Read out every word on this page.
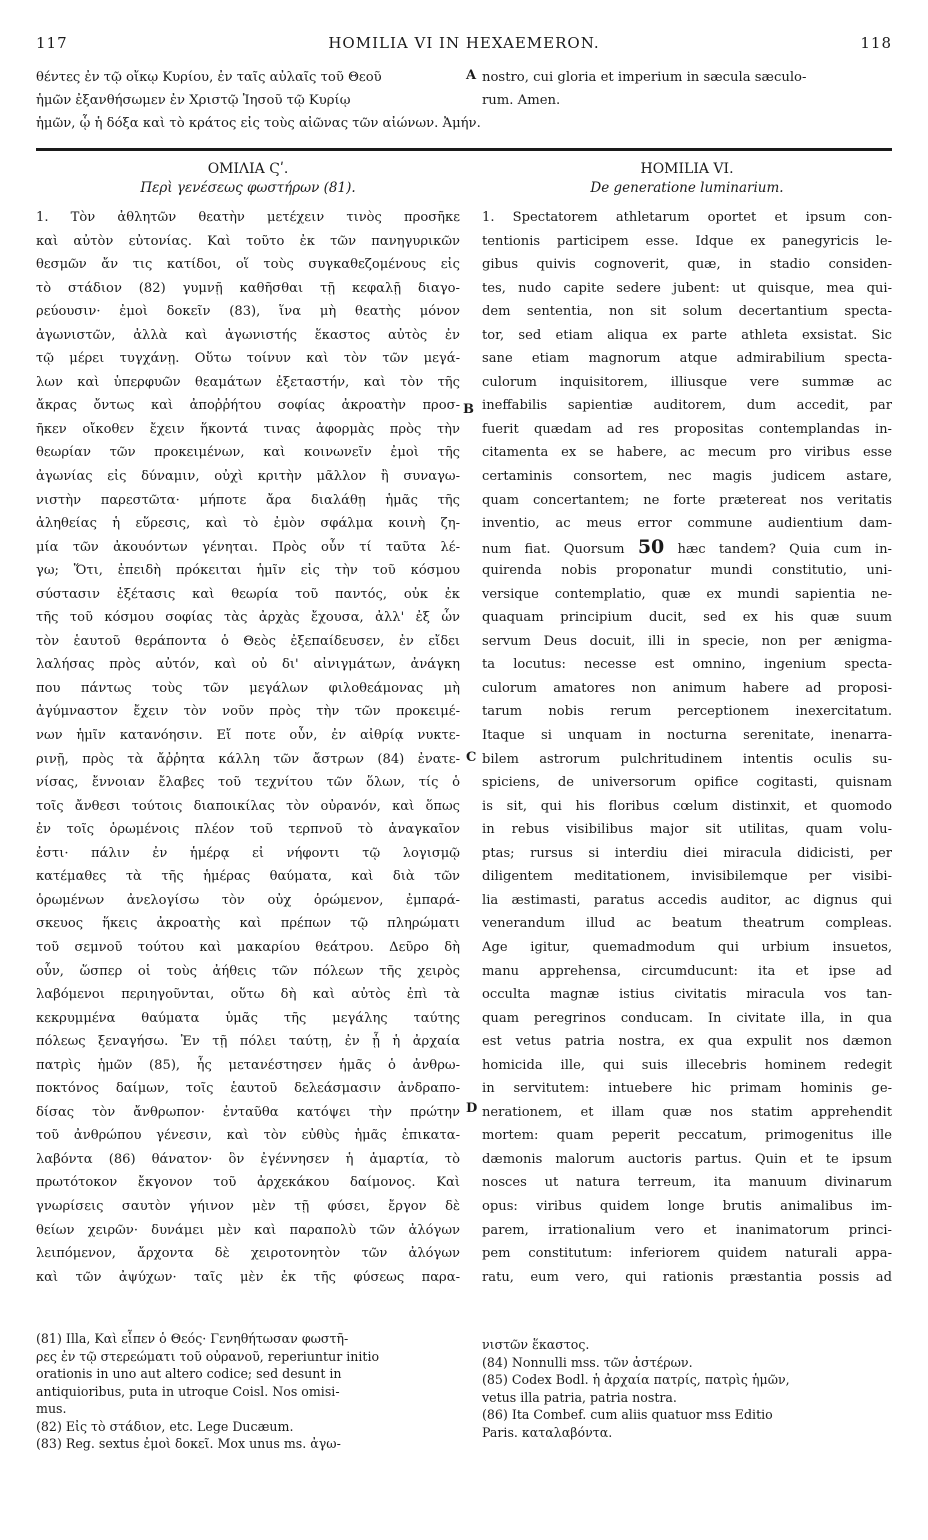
117	HOMILIA VI IN HEXAEMERON.	118
θέντες ἐν τῷ οἴκῳ Κυρίου, ἐν ταῖς αὐλαῖς τοῦ Θεοῦ
ἡμῶν ἐξανθήσωμεν ἐν Χριστῷ Ἰησοῦ τῷ Κυρίῳ
ἡμῶν, ᾧ ἡ δόξα καὶ τὸ κράτος εἰς τοὺς αἰῶνας τῶν αἰώνων. Ἀμήν.
A nostro, cui gloria et imperium in sæcula sæculo-
rum. Amen.
ΟΜΙΛΙΑ Ϛʹ.
Περὶ γενέσεως φωστήρων (81).
HOMILIA VI.
De generatione luminarium.
1. Τὸν ἀθλητῶν θεατὴν μετέχειν τινὸς προσῆκε
καὶ αὐτὸν εὐτονίας. Καὶ τοῦτο ἐκ τῶν πανηγυρικῶν
θεσμῶν ἄν τις κατίδοι, οἵ τοὺς συγκαθεζομένους εἰς
τὸ στάδιον (82) γυμνῇ καθῆσθαι τῇ κεφαλῇ διαγο-
ρεύουσιν· ἐμοὶ δοκεῖν (83), ἵνα μὴ θεατὴς μόνον
ἀγωνιστῶν, ἀλλὰ καὶ ἀγωνιστής ἕκαστος αὐτὸς ἐν
τῷ μέρει τυγχάνῃ. Οὕτω τοίνυν καὶ τὸν τῶν μεγά-
λων καὶ ὑπερφυῶν θεαμάτων ἐξεταστήν, καὶ τὸν τῆς
ἄκρας ὄντως καὶ ἀποῤῥήτου σοφίας ἀκροατὴν προσ-
ῆκεν οἴκοθεν ἔχειν ἥκοντά τινας ἀφορμὰς πρὸς τὴν
θεωρίαν τῶν προκειμένων, καὶ κοινωνεῖν ἐμοὶ τῆς
ἀγωνίας εἰς δύναμιν, οὐχὶ κριτὴν μᾶλλον ἢ συναγω-
νιστὴν παρεστῶτα· μήποτε ἄρα διαλάθῃ ἡμᾶς τῆς
ἀληθείας ἡ εὕρεσις, καὶ τὸ ἐμὸν σφάλμα κοινὴ ζη-
μία τῶν ἀκουόντων γένηται. Πρὸς οὖν τί ταῦτα λέ-
γω; Ὅτι, ἐπειδὴ πρόκειται ἡμῖν εἰς τὴν τοῦ κόσμου
σύστασιν ἐξέτασις καὶ θεωρία τοῦ παντός, οὐκ ἐκ
τῆς τοῦ κόσμου σοφίας τὰς ἀρχὰς ἔχουσα, ἀλλ' ἐξ ὧν
τὸν ἑαυτοῦ θεράποντα ὁ Θεὸς ἐξεπαίδευσεν, ἐν εἴδει
λαλήσας πρὸς αὐτόν, καὶ οὐ δι' αἰνιγμάτων, ἀνάγκη
που πάντως τοὺς τῶν μεγάλων φιλοθεάμονας μὴ
ἀγύμναστον ἔχειν τὸν νοῦν πρὸς τὴν τῶν προκειμέ-
νων ἡμῖν κατανόησιν. Εἴ ποτε οὖν, ἐν αἰθρίᾳ νυκτε-
ρινῇ, πρὸς τὰ ἄῤῥητα κάλλη τῶν ἄστρων (84) ἐνατε-
νίσας, ἔννοιαν ἔλαβες τοῦ τεχνίτου τῶν ὅλων, τίς ὁ
τοῖς ἄνθεσι τούτοις διαποικίλας τὸν οὐρανόν, καὶ ὅπως
ἐν τοῖς ὁρωμένοις πλέον τοῦ τερπνοῦ τὸ ἀναγκαῖον
ἐστι· πάλιν ἐν ἡμέρᾳ εἰ νήφοντι τῷ λογισμῷ
κατέμαθες τὰ τῆς ἡμέρας θαύματα, καὶ διὰ τῶν
ὁρωμένων ἀνελογίσω τὸν οὐχ ὁρώμενον, ἐμπαρά-
σκευος ἥκεις ἀκροατὴς καὶ πρέπων τῷ πληρώματι
τοῦ σεμνοῦ τούτου καὶ μακαρίου θεάτρου. Δεῦρο δὴ
οὖν, ὥσπερ οἱ τοὺς ἀήθεις τῶν πόλεων τῆς χειρὸς
λαβόμενοι περιηγοῦνται, οὕτω δὴ καὶ αὐτὸς ἐπὶ τὰ
κεκρυμμένα θαύματα ὑμᾶς τῆς μεγάλης ταύτης
πόλεως ξεναγήσω. Ἐν τῇ πόλει ταύτῃ, ἐν ᾗ ἡ ἀρχαία
πατρὶς ἡμῶν (85), ἧς μετανέστησεν ἡμᾶς ὁ ἀνθρω-
ποκτόνος δαίμων, τοῖς ἑαυτοῦ δελεάσμασιν ἀνδραπο-
δίσας τὸν ἄνθρωπον· ἐνταῦθα κατόψει τὴν πρώτην
τοῦ ἀνθρώπου γένεσιν, καὶ τὸν εὐθὺς ἡμᾶς ἐπικατα-
λαβόντα (86) θάνατον· ὃν ἐγέννησεν ἡ ἁμαρτία, τὸ
πρωτότοκον ἔκγονον τοῦ ἀρχεκάκου δαίμονος. Καὶ
γνωρίσεις σαυτὸν γήινον μὲν τῇ φύσει, ἔργον δὲ
θείων χειρῶν· δυνάμει μὲν καὶ παραπολὺ τῶν ἀλόγων
λειπόμενον, ἄρχοντα δὲ χειροτονητὸν τῶν ἀλόγων
καὶ τῶν ἀψύχων· ταῖς μὲν ἐκ τῆς φύσεως παρα-
B
C
D
1. Spectatorem athletarum oportet et ipsum con-
tentionis participem esse. Idque ex panegyricis le-
gibus quivis cognoverit, quæ, in stadio considen-
tes, nudo capite sedere jubent: ut quisque, mea qui-
dem sententia, non sit solum decertantium specta-
tor, sed etiam aliqua ex parte athleta exsistat. Sic
sane etiam magnorum atque admirabilium specta-
culorum inquisitorem, illiusque vere summæ ac
ineffabilis sapientiæ auditorem, dum accedit, par
fuerit quædam ad res propositas contemplandas in-
citamenta ex se habere, ac mecum pro viribus esse
certaminis consortem, nec magis judicem astare,
quam concertantem; ne forte prætereat nos veritatis
inventio, ac meus error commune audientium dam-
num fiat. Quorsum 50 hæc tandem? Quia cum in-
quirenda nobis proponatur mundi constitutio, uni-
versique contemplatio, quæ ex mundi sapientia ne-
quaquam principium ducit, sed ex his quæ suum
servum Deus docuit, illi in specie, non per ænigma-
ta locutus: necesse est omnino, ingenium specta-
culorum amatores non animum habere ad proposi-
tarum nobis rerum perceptionem inexercitatum.
Itaque si unquam in nocturna serenitate, inenarra-
bilem astrorum pulchritudinem intentis oculis su-
spiciens, de universorum opifice cogitasti, quisnam
is sit, qui his floribus cœlum distinxit, et quomodo
in rebus visibilibus major sit utilitas, quam volu-
ptas; rursus si interdiu diei miracula didicisti, per
diligentem meditationem, invisibilemque per visibi-
lia æstimasti, paratus accedis auditor, ac dignus qui
venerandum illud ac beatum theatrum compleas.
Age igitur, quemadmodum qui urbium insuetos,
manu apprehensa, circumducunt: ita et ipse ad
occulta magnæ istius civitatis miracula vos tan-
quam peregrinos conducam. In civitate illa, in qua
est vetus patria nostra, ex qua expulit nos dæmon
homicida ille, qui suis illecebris hominem redegit
in servitutem: intuebere hic primam hominis ge-
nerationem, et illam quæ nos statim apprehendit
mortem: quam peperit peccatum, primogenitus ille
dæmonis malorum auctoris partus. Quin et te ipsum
nosces ut natura terreum, ita manuum divinarum
opus: viribus quidem longe brutis animalibus im-
parem, irrationalium vero et inanimatorum princi-
pem constitutum: inferiorem quidem naturali appa-
ratu, eum vero, qui rationis præstantia possis ad
(81) Illa, Καὶ εἶπεν ὁ Θεός· Γενηθήτωσαν φωστῆ-
ρες ἐν τῷ στερεώματι τοῦ οὐρανοῦ, reperiuntur initio
orationis in uno aut altero codice; sed desunt in
antiquioribus, puta in utroque Coisl. Nos omisi-
mus.
(82) Εἰς τὸ στάδιον, etc. Lege Ducæum.
(83) Reg. sextus ἐμοὶ δοκεῖ. Mox unus ms. ἀγω-
νιστῶν ἕκαστος.
(84) Nonnulli mss. τῶν ἀστέρων.
(85) Codex Bodl. ἡ ἀρχαία πατρίς, πατρὶς ἡμῶν,
vetus illa patria, patria nostra.
(86) Ita Combef. cum aliis quatuor mss Editio
Paris. καταλαβόντα.
